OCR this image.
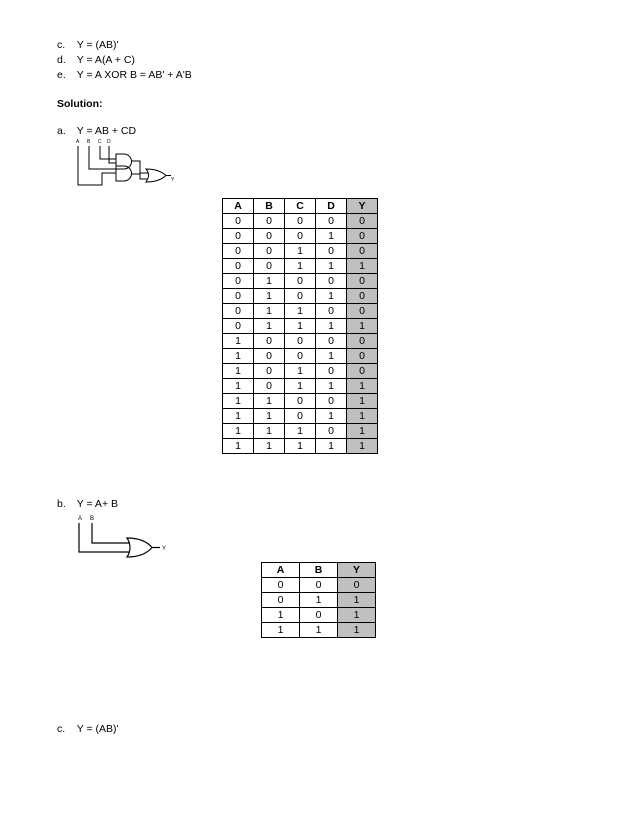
c. Y = (AB)'
d. Y = A(A + C)
e. Y = A XOR B = AB' + A'B
Solution:
a. Y = AB + CD
A B C D
Y
A	B	C	D	Y
0	0	0	0	0
0	0	0	1	0
0	0	1	0	0
0	0	1	1	1
0	1	0	0	0
0	1	0	1	0
0	1	1	0	0
0	1	1	1	1
1	0	0	0	0
1	0	0	1	0
1	0	1	0	0
1	0	1	1	1
1	1	0	0	1
1	1	0	1	1
1	1	1	0	1
1	1	1	1	1
b. Y = A+ B
A B
Y
A	B	Y
0	0	0
0	1	1
1	0	1
1	1	1
c. Y = (AB)'
